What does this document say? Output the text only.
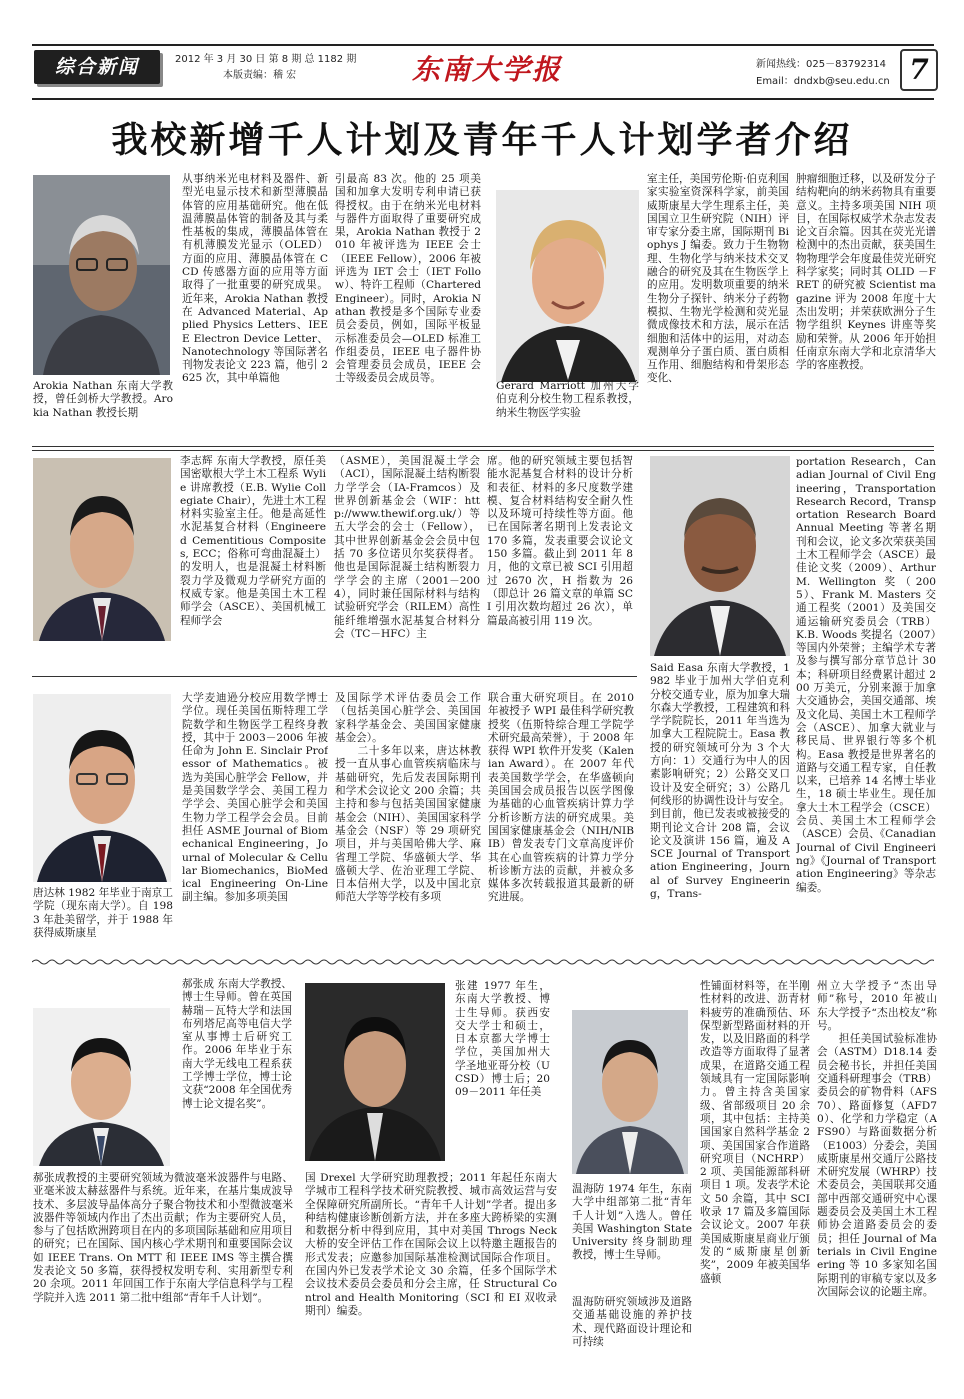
综合新闻	2012 年 3 月 30 日 第 8 期 总 1182 期
本版责编：稽 宏	东南大学报	新闻热线：025－83792314
Email：dndxb@seu.edu.cn 7
我校新增千人计划及青年千人计划学者介绍
Arokia Nathan 东南大学教授，曾任剑桥大学教授。Arokia Nathan 教授长期
从事纳米光电材料及器件、新型光电显示技术和新型薄膜晶体管的应用基础研究。他在低温薄膜晶体管的制备及其与柔性基板的集成，薄膜晶体管在有机薄膜发光显示（OLED）方面的应用、薄膜晶体管在 CCD 传感器方面的应用等方面取得了一批重要的研究成果。近年来，Arokia Nathan 教授在 Advanced Material、Applied Physics Letters、IEEE Electron Device Letter、Nanotechnology 等国际著名刊物发表论文 223 篇，他引 2625 次，其中单篇他
引最高 83 次。他的 25 项美国和加拿大发明专利申请已获得授权。由于在纳米光电材料与器件方面取得了重要研究成果，Arokia Nathan 教授于 2010 年被评选为 IEEE 会士（IEEE Fellow），2006 年被评选为 IET 会士（IET Follow）、特许工程师（Chartered Engineer）。同时，Arokia Nathan 教授是多个国际专业委员会委员，例如，国际平板显示标准委员会—OLED 标准工作组委员，IEEE 电子器件协会管理委员会成员，IEEE 会士等级委员会成员等。
Gerard Marriott 加州大学伯克利分校生物工程系教授，纳米生物医学实验
室主任，美国劳伦斯·伯克利国家实验室资深科学家，前美国威斯康星大学生理系主任，美国国立卫生研究院（NIH）评审专家分委主席，国际期刊 Biophys J 编委。致力于生物物理、生物化学与纳米技术交叉融合的研究及其在生物医学上的应用。发明数项重要的纳米生物分子探针、纳米分子药物模拟、生物光学检测和荧光显微成像技术和方法，展示在活细胞和活体中的运用，对动态观测单分子蛋白质、蛋白质相互作用、细胞结构和骨架形态变化、
肿瘤细胞迁移，以及研发分子结构靶向的纳米药物具有重要意义。主持多项美国 NIH 项目，在国际权威学术杂志发表论文百余篇。因其在荧光光谱检测中的杰出贡献，获美国生物物理学会年度最佳荧光研究科学家奖；同时其 OLID －FRET 的研究被 Scientist magazine 评为 2008 年度十大杰出发明；并荣获欧洲分子生物学组织 Keynes 讲座等奖励和荣誉。从 2006 年开始担任南京东南大学和北京清华大学的客座教授。
李志辉 东南大学教授，原任美国密歇根大学土木工程系 Wylie 讲席教授（E.B. Wylie Collegiate Chair），先进土木工程材料实验室主任。他是高延性水泥基复合材料（Engineered Cementitious Composites, ECC；俗称可弯曲混凝土）的发明人，也是混凝土材料断裂力学及微观力学研究方面的权威专家。他是美国土木工程师学会（ASCE）、美国机械工程师学会
（ASME），美国混凝土学会（ACI），国际混凝土结构断裂力学学会（IA-Framcos）及世界创新基金会（WIF：http://www.thewif.org.uk/）等五大学会的会士（Fellow），其中世界创新基金会会员中包括 70 多位诺贝尔奖获得者。他也是国际混凝土结构断裂力学学会的主席（2001－2004），同时兼任国际材料与结构试验研究学会（RILEM）高性能纤维增强水泥基复合材料分会（TC－HFC）主
席。他的研究领域主要包括智能水泥基复合材料的设计分析和表征、材料的多尺度数学建模、复合材料结构安全耐久性以及环境可持续性等方面。他已在国际著名期刊上发表论文 170 多篇，发表重要会议论文 150 多篇。截止到 2011 年 8 月，他的文章已被 SCI 引用超过 2670 次，H 指数为 26（即总计 26 篇文章的单篇 SCI 引用次数均超过 26 次），单篇最高被引用 119 次。
portation Research，Canadian Journal of Civil Engineering，Transportation Research Record，Transportation Research Board Annual Meeting 等著名期刊和会议，论文多次荣获美国土木工程师学会（ASCE）最佳论文奖（2009）、Arthur M. Wellington 奖（2005）、Frank M. Masters 交通工程奖（2001）及美国交通运输研究委员会（TRB）K.B. Woods 奖提名（2007）等国内外荣誉；主编学术专著及参与撰写部分章节总计 30 本；科研项目经费累计超过 200 万美元，分别来源于加拿大交通协会，美国交通部、埃及文化局、美国土木工程师学会（ASCE）、加拿大就业与移民局、世界银行等多个机构。Easa 教授是世界著名的道路与交通工程专家，自任教以来，已培养 14 名博士毕业生，18 硕士毕业生。现任加拿大土木工程学会（CSCE）会员、美国土木工程师学会（ASCE）会员、《Canadian Journal of Civil Engineering》《Journal of Transportation Engineering》等杂志编委。
Said Easa 东南大学教授，1982 毕业于加州大学伯克利分校交通专业，原为加拿大瑞尔森大学教授，工程建筑和科学学院院长，2011 年当选为加拿大工程院院士。Easa 教授的研究领域可分为 3 个大方向：1）交通行为中人的因素影响研究；2）公路交叉口设计及安全研究；3）公路几何线形的协调性设计与安全。到目前，他已发表或被接受的期刊论文合计 208 篇，会议论文及演讲 156 篇，遍及 ASCE Journal of Transportation Engineering，Journal of Survey Engineering，Trans-
唐达林 1982 年毕业于南京工学院（现东南大学）。自 1983 年赴美留学，并于 1988 年获得威斯康星
大学麦迪逊分校应用数学博士学位。现任美国伍斯特理工学院数学和生物医学工程终身教授，其中于 2003－2006 年被任命为 John E. Sinclair Professor of Mathematics。被选为美国心脏学会 Fellow，并是美国数学学会、美国工程力学学会、美国心脏学会和美国生物力学工程学会会员。目前担任 ASME Journal of Biomechanical Engineering，Journal of Molecular & Cellular Biomechanics，BioMedical Engineering On-Line 副主编。参加多项美国
及国际学术评估委员会工作（包括美国心脏学会、美国国家科学基金会、美国国家健康基金会）。
　　二十多年以来，唐达林教授一直从事心血管疾病临床与基础研究，先后发表国际期刊和学术会议论文 200 余篇；共主持和参与包括美国国家健康基金会（NIH）、美国国家科学基金会（NSF）等 29 项研究项目，并与美国哈佛大学、麻省理工学院、华盛顿大学、华盛顿大学、佐治亚理工学院、日本信州大学，以及中国北京师范大学等学校有多项
联合重大研究项目。在 2010 年被授予 WPI 最佳科学研究教授奖（伍斯特综合理工学院学术研究最高荣誉），于 2008 年获得 WPI 软件开发奖（Kalenian Award）。在 2007 年代表美国数学学会，在华盛顿向美国国会成员报告以医学图像为基础的心血管疾病计算力学分析诊断方法的研究成果。美国国家健康基金会（NIH/NIBIB）曾发表专门文章高度评价其在心血管疾病的计算力学分析诊断方法的贡献，并被众多媒体多次转载报道其最新的研究进展。
郝张成 东南大学教授、博士生导师。曾在英国赫瑞－瓦特大学和法国布列塔尼高等电信大学室从事博士后研究工作。2006 年毕业于东南大学无线电工程系获工学博士学位，博士论文获“2008 年全国优秀博士论文提名奖”。
郝张成教授的主要研究领域为微波毫米波器件与电路、亚毫米波太赫兹器件与系统。近年来，在基片集成波导技术、多层波导晶体高分子聚合物技术和小型微波毫米波器件等领域内作出了杰出贡献；作为主要研究人员，参与了包括欧洲跨项目在内的多项国际基础和应用项目的研究；已在国际、国内核心学术期刊和重要国际会议如 IEEE Trans. On MTT 和 IEEE IMS 等主撰合撰发表论文 50 多篇，获得授权发明专利、实用新型专利 20 余项。2011 年回国工作于东南大学信息科学与工程学院并入选 2011 第二批中组部“青年千人计划”。
张建 1977 年生，东南大学教授、博士生导师。获西安交大学士和硕士，日本京都大学博士学位，美国加州大学圣地亚哥分校（UCSD）博士后；2009－2011 年任美
国 Drexel 大学研究助理教授；2011 年起任东南大学城市工程科学技术研究院教授、城市高效运营与安全保障研究所副所长。“青年千人计划”学者。提出多种结构健康诊断创新方法，并在多座大跨桥梁的实测和数据分析中得到应用，其中对美国 Throgs Neck 大桥的安全评估工作在国际会议上以特邀主题报告的形式发表；应邀参加国际基准检测试国际合作项目。在国内外已发表学术论文 30 余篇，任多个国际学术会议技术委员会委员和分会主席，任 Structural Control and Health Monitoring（SCI 和 EI 双收录期刊）编委。
温海防 1974 年生，东南大学中组部第二批“青年千人计划”入选人。曾任美国 Washington State University 终身制助理教授，博士生导师。
温海防研究领域涉及道路交通基础设施的养护技术、现代路面设计理论和可持续
性铺面材料等，在半刚性材料的改进、沥青材料疲劳的准确预估、环保型新型路面材料的开发，以及旧路面的科学改造等方面取得了显著成果，在道路交通工程领域具有一定国际影响力。曾主持含美国家级、省部级项目 20 余项，其中包括：主持美国国家自然科学基金 2 项、美国国家合作道路研究项目（NCHRP）2 项、美国能源部科研项目 1 项。发表学术论文 50 余篇，其中 SCI 收录 17 篇及多篇国际会议论文。2007 年获美国威斯康星商业厅颁发的“威斯康星创新奖”，2009 年被美国华盛顿
州立大学授予“杰出导师”称号，2010 年被山东大学授予“杰出校友”称号。
　　担任美国试验标准协会（ASTM）D18.14 委员会秘书长，并担任美国交通科研理事会（TRB）委员会的矿物骨料（AFS70）、路面修复（AFD70）、化学和力学稳定（AFS90）与路面数据分析（E1003）分委会，美国威斯康星州交通厅公路技术研究发展（WHRP）技术委员会，美国联邦交通部中西部交通研究中心课题委员会及美国土木工程师协会道路委员会的委员；担任 Journal of Materials in Civil Engineering 等 10 多家知名国际期刊的审稿专家以及多次国际会议的论题主席。
